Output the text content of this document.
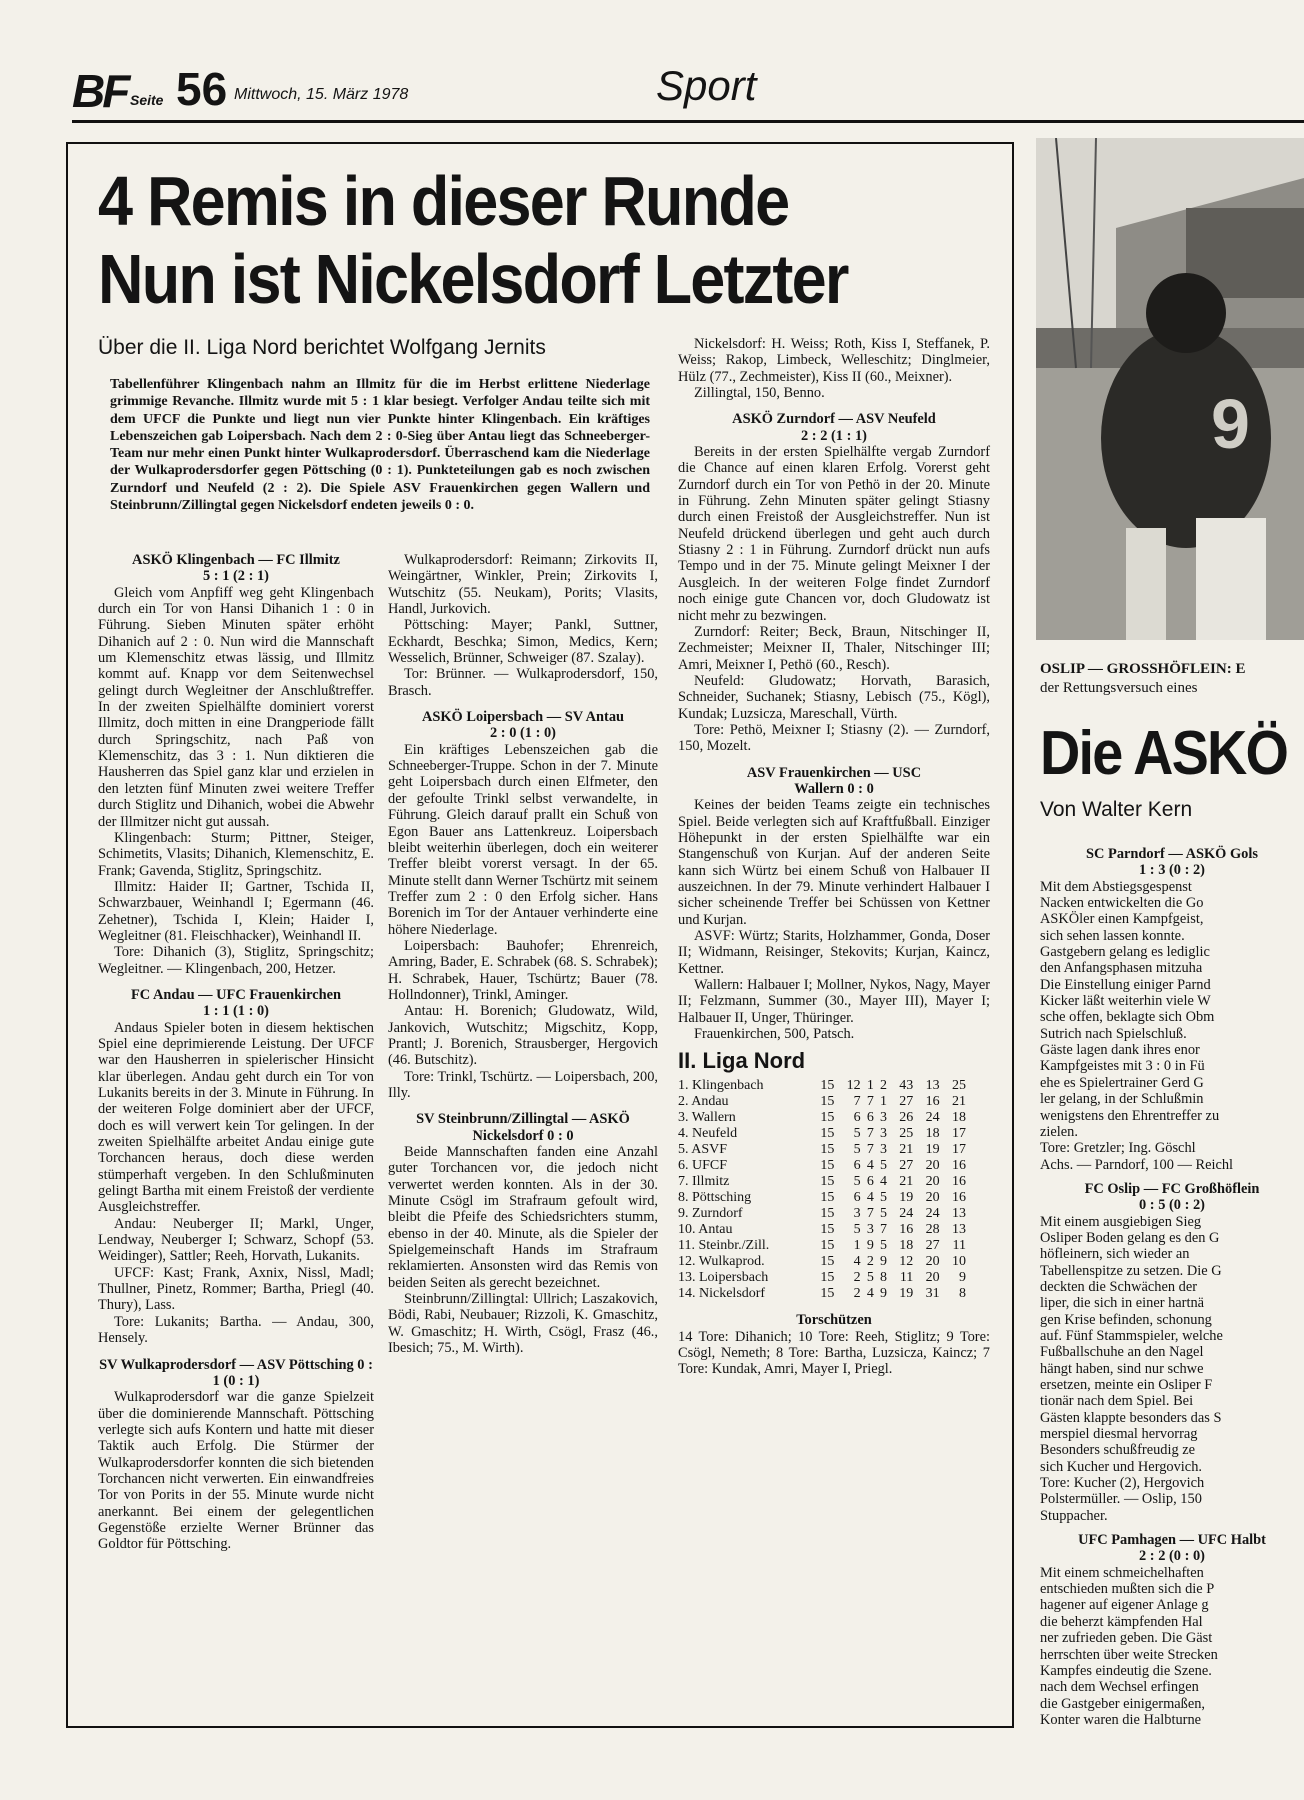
BF Seite 56 Mittwoch, 15. März 1978	Sport
4 Remis in dieser Runde
Nun ist Nickelsdorf Letzter
Über die II. Liga Nord berichtet Wolfgang Jernits
Tabellenführer Klingenbach nahm an Illmitz für die im Herbst erlittene Niederlage grimmige Revanche. Illmitz wurde mit 5 : 1 klar besiegt. Verfolger Andau teilte sich mit dem UFCF die Punkte und liegt nun vier Punkte hinter Klingenbach. Ein kräftiges Lebenszeichen gab Loipersbach. Nach dem 2 : 0-Sieg über Antau liegt das Schneeberger-Team nur mehr einen Punkt hinter Wulkaprodersdorf. Überraschend kam die Niederlage der Wulkaprodersdorfer gegen Pöttsching (0 : 1). Punkteteilungen gab es noch zwischen Zurndorf und Neufeld (2 : 2). Die Spiele ASV Frauenkirchen gegen Wallern und Steinbrunn/Zillingtal gegen Nickelsdorf endeten jeweils 0 : 0.

ASKÖ Klingenbach — FC Illmitz

5 : 1 (2 : 1)

Gleich vom Anpfiff weg geht Klingenbach durch ein Tor von Hansi Dihanich 1 : 0 in Führung. Sieben Minuten später erhöht Dihanich auf 2 : 0. Nun wird die Mannschaft um Klemenschitz etwas lässig, und Illmitz kommt auf. Knapp vor dem Seitenwechsel gelingt durch Wegleitner der Anschlußtreffer. In der zweiten Spielhälfte dominiert vorerst Illmitz, doch mitten in eine Drangperiode fällt durch Springschitz, nach Paß von Klemenschitz, das 3 : 1. Nun diktieren die Hausherren das Spiel ganz klar und erzielen in den letzten fünf Minuten zwei weitere Treffer durch Stiglitz und Dihanich, wobei die Abwehr der Illmitzer nicht gut aussah.

Klingenbach: Sturm; Pittner, Steiger, Schimetits, Vlasits; Dihanich, Klemenschitz, E. Frank; Gavenda, Stiglitz, Springschitz.

Illmitz: Haider II; Gartner, Tschida II, Schwarzbauer, Weinhandl I; Egermann (46. Zehetner), Tschida I, Klein; Haider I, Wegleitner (81. Fleischhacker), Weinhandl II.

Tore: Dihanich (3), Stiglitz, Springschitz; Wegleitner. — Klingenbach, 200, Hetzer.

FC Andau — UFC Frauenkirchen

1 : 1 (1 : 0)

Andaus Spieler boten in diesem hektischen Spiel eine deprimierende Leistung. Der UFCF war den Hausherren in spielerischer Hinsicht klar überlegen. Andau geht durch ein Tor von Lukanits bereits in der 3. Minute in Führung. In der weiteren Folge dominiert aber der UFCF, doch es will verwert kein Tor gelingen. In der zweiten Spielhälfte arbeitet Andau einige gute Torchancen heraus, doch diese werden stümperhaft vergeben. In den Schlußminuten gelingt Bartha mit einem Freistoß der verdiente Ausgleichstreffer.

Andau: Neuberger II; Markl, Unger, Lendway, Neuberger I; Schwarz, Schopf (53. Weidinger), Sattler; Reeh, Horvath, Lukanits.

UFCF: Kast; Frank, Axnix, Nissl, Madl; Thullner, Pinetz, Rommer; Bartha, Priegl (40. Thury), Lass.

Tore: Lukanits; Bartha. — Andau, 300, Hensely.

SV Wulkaprodersdorf — ASV Pöttsching 0 : 1 (0 : 1)

Wulkaprodersdorf war die ganze Spielzeit über die dominierende Mannschaft. Pöttsching verlegte sich aufs Kontern und hatte mit dieser Taktik auch Erfolg. Die Stürmer der Wulkaprodersdorfer konnten die sich bietenden Torchancen nicht verwerten. Ein einwandfreies Tor von Porits in der 55. Minute wurde nicht anerkannt. Bei einem der gelegentlichen Gegenstöße erzielte Werner Brünner das Goldtor für Pöttsching.

Wulkaprodersdorf: Reimann; Zirkovits II, Weingärtner, Winkler, Prein; Zirkovits I, Wutschitz (55. Neukam), Porits; Vlasits, Handl, Jurkovich.

Pöttsching: Mayer; Pankl, Suttner, Eckhardt, Beschka; Simon, Medics, Kern; Wesselich, Brünner, Schweiger (87. Szalay).

Tor: Brünner. — Wulkaprodersdorf, 150, Brasch.

ASKÖ Loipersbach — SV Antau

2 : 0 (1 : 0)

Ein kräftiges Lebenszeichen gab die Schneeberger-Truppe. Schon in der 7. Minute geht Loipersbach durch einen Elfmeter, den der gefoulte Trinkl selbst verwandelte, in Führung. Gleich darauf prallt ein Schuß von Egon Bauer ans Lattenkreuz. Loipersbach bleibt weiterhin überlegen, doch ein weiterer Treffer bleibt vorerst versagt. In der 65. Minute stellt dann Werner Tschürtz mit seinem Treffer zum 2 : 0 den Erfolg sicher. Hans Borenich im Tor der Antauer verhinderte eine höhere Niederlage.

Loipersbach: Bauhofer; Ehrenreich, Amring, Bader, E. Schrabek (68. S. Schrabek); H. Schrabek, Hauer, Tschürtz; Bauer (78. Hollndonner), Trinkl, Aminger.

Antau: H. Borenich; Gludowatz, Wild, Jankovich, Wutschitz; Migschitz, Kopp, Prantl; J. Borenich, Strausberger, Hergovich (46. Butschitz).

Tore: Trinkl, Tschürtz. — Loipersbach, 200, Illy.

SV Steinbrunn/Zillingtal — ASKÖ Nickelsdorf 0 : 0

Beide Mannschaften fanden eine Anzahl guter Torchancen vor, die jedoch nicht verwertet werden konnten. Als in der 30. Minute Csögl im Strafraum gefoult wird, bleibt die Pfeife des Schiedsrichters stumm, ebenso in der 40. Minute, als die Spieler der Spielgemeinschaft Hands im Strafraum reklamierten. Ansonsten wird das Remis von beiden Seiten als gerecht bezeichnet.

Steinbrunn/Zillingtal: Ullrich; Laszakovich, Bödi, Rabi, Neubauer; Rizzoli, K. Gmaschitz, W. Gmaschitz; H. Wirth, Csögl, Frasz (46., Ibesich; 75., M. Wirth).

Nickelsdorf: H. Weiss; Roth, Kiss I, Steffanek, P. Weiss; Rakop, Limbeck, Welleschitz; Dinglmeier, Hülz (77., Zechmeister), Kiss II (60., Meixner).

Zillingtal, 150, Benno.

ASKÖ Zurndorf — ASV Neufeld

2 : 2 (1 : 1)

Bereits in der ersten Spielhälfte vergab Zurndorf die Chance auf einen klaren Erfolg. Vorerst geht Zurndorf durch ein Tor von Pethö in der 20. Minute in Führung. Zehn Minuten später gelingt Stiasny durch einen Freistoß der Ausgleichstreffer. Nun ist Neufeld drückend überlegen und geht auch durch Stiasny 2 : 1 in Führung. Zurndorf drückt nun aufs Tempo und in der 75. Minute gelingt Meixner I der Ausgleich. In der weiteren Folge findet Zurndorf noch einige gute Chancen vor, doch Gludowatz ist nicht mehr zu bezwingen.

Zurndorf: Reiter; Beck, Braun, Nitschinger II, Zechmeister; Meixner II, Thaler, Nitschinger III; Amri, Meixner I, Pethö (60., Resch).

Neufeld: Gludowatz; Horvath, Barasich, Schneider, Suchanek; Stiasny, Lebisch (75., Kögl), Kundak; Luzsicza, Mareschall, Vürth.

Tore: Pethö, Meixner I; Stiasny (2). — Zurndorf, 150, Mozelt.

ASV Frauenkirchen — USC

Wallern 0 : 0

Keines der beiden Teams zeigte ein technisches Spiel. Beide verlegten sich auf Kraftfußball. Einziger Höhepunkt in der ersten Spielhälfte war ein Stangenschuß von Kurjan. Auf der anderen Seite kann sich Würtz bei einem Schuß von Halbauer II auszeichnen. In der 79. Minute verhindert Halbauer I sicher scheinende Treffer bei Schüssen von Kettner und Kurjan.

ASVF: Würtz; Starits, Holzhammer, Gonda, Doser II; Widmann, Reisinger, Stekovits; Kurjan, Kaincz, Kettner.

Wallern: Halbauer I; Mollner, Nykos, Nagy, Mayer II; Felzmann, Summer (30., Mayer III), Mayer I; Halbauer II, Unger, Thüringer.

Frauenkirchen, 500, Patsch.

II. Liga Nord
1. Klingenbach	15	12	1	2	43	13	25
2. Andau	15	7	7	1	27	16	21
3. Wallern	15	6	6	3	26	24	18
4. Neufeld	15	5	7	3	25	18	17
5. ASVF	15	5	7	3	21	19	17
6. UFCF	15	6	4	5	27	20	16
7. Illmitz	15	5	6	4	21	20	16
8. Pöttsching	15	6	4	5	19	20	16
9. Zurndorf	15	3	7	5	24	24	13
10. Antau	15	5	3	7	16	28	13
11. Steinbr./Zill.	15	1	9	5	18	27	11
12. Wulkaprod.	15	4	2	9	12	20	10
13. Loipersbach	15	2	5	8	11	20	9
14. Nickelsdorf	15	2	4	9	19	31	8

Torschützen

14 Tore: Dihanich; 10 Tore: Reeh, Stiglitz; 9 Tore: Csögl, Nemeth; 8 Tore: Bartha, Luzsicza, Kaincz; 7 Tore: Kundak, Amri, Mayer I, Priegl.

9
OSLIP — GROSSHÖFLEIN: E
der Rettungsversuch eines
Die ASKÖ
Von Walter Kern

SC Parndorf — ASKÖ Gols

1 : 3 (0 : 2)

Mit dem Abstiegsgespenst

Nacken entwickelten die Go

ASKÖler einen Kampfgeist,

sich sehen lassen konnte.

Gastgebern gelang es lediglic

den Anfangsphasen mitzuha

Die Einstellung einiger Parnd

Kicker läßt weiterhin viele W

sche offen, beklagte sich Obm

Sutrich nach Spielschluß.

Gäste lagen dank ihres enor

Kampfgeistes mit 3 : 0 in Fü

ehe es Spielertrainer Gerd G

ler gelang, in der Schlußmin

wenigstens den Ehrentreffer zu

zielen.

Tore: Gretzler; Ing. Göschl

Achs. — Parndorf, 100 — Reichl

FC Oslip — FC Großhöflein

0 : 5 (0 : 2)

Mit einem ausgiebigen Sieg

Osliper Boden gelang es den G

höfleinern, sich wieder an

Tabellenspitze zu setzen. Die G

deckten die Schwächen der

liper, die sich in einer hartnä

gen Krise befinden, schonung

auf. Fünf Stammspieler, welche

Fußballschuhe an den Nagel

hängt haben, sind nur schwe

ersetzen, meinte ein Osliper F

tionär nach dem Spiel. Bei

Gästen klappte besonders das S

merspiel diesmal hervorrag

Besonders schußfreudig ze

sich Kucher und Hergovich.

Tore: Kucher (2), Hergovich

Polstermüller. — Oslip, 150

Stuppacher.

UFC Pamhagen — UFC Halbt

2 : 2 (0 : 0)

Mit einem schmeichelhaften

entschieden mußten sich die P

hagener auf eigener Anlage g

die beherzt kämpfenden Hal

ner zufrieden geben. Die Gäst

herrschten über weite Strecken

Kampfes eindeutig die Szene.

nach dem Wechsel erfingen

die Gastgeber einigermaßen,

Konter waren die Halbturne
